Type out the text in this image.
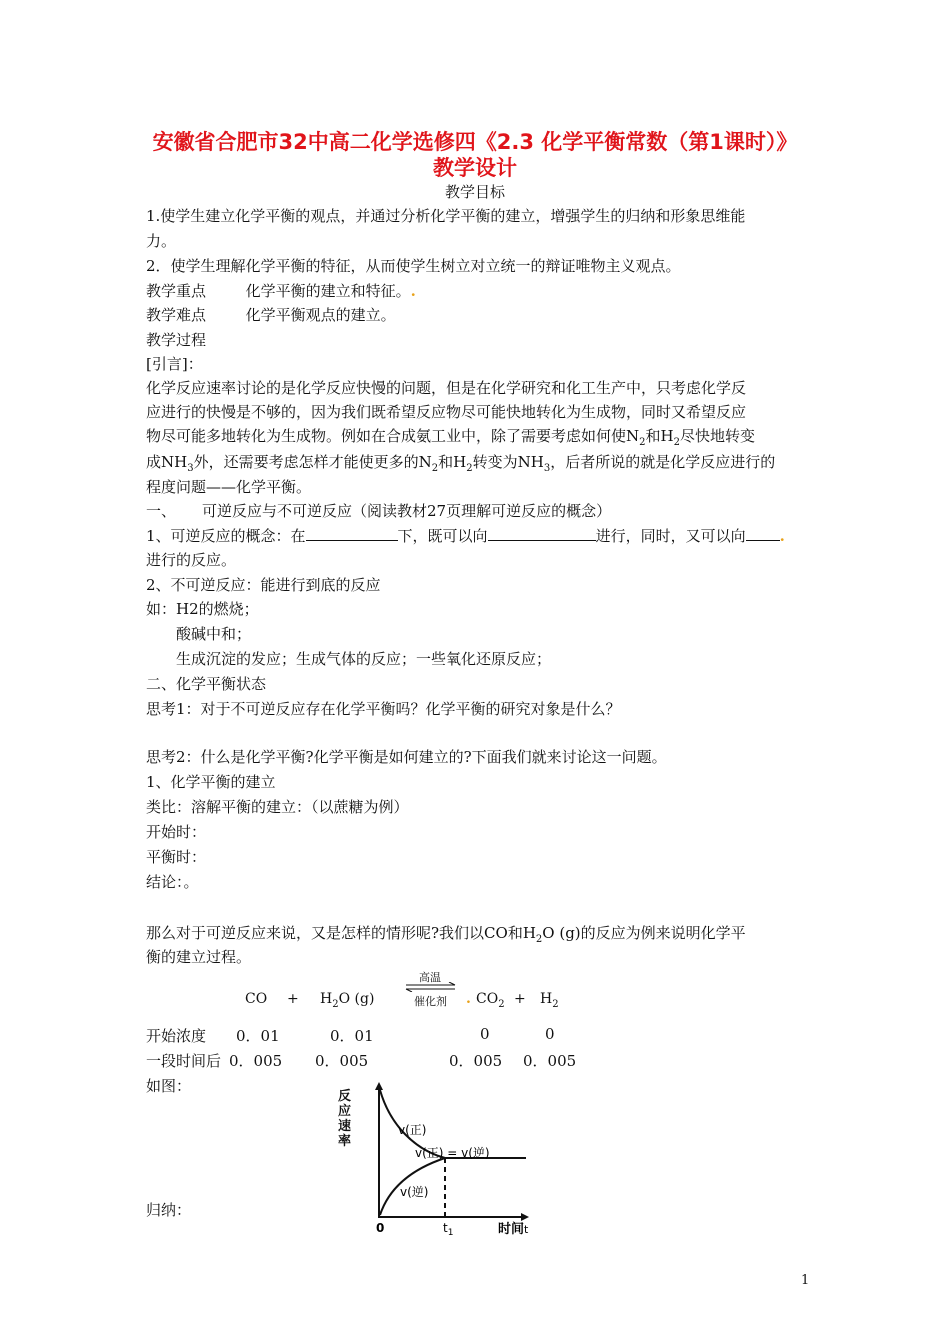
安徽省合肥市32中高二化学选修四《2.3 化学平衡常数（第1课时）》
教学设计
教学目标
1.使学生建立化学平衡的观点，并通过分析化学平衡的建立，增强学生的归纳和形象思维能
力。
2．使学生理解化学平衡的特征，从而使学生树立对立统一的辩证唯物主义观点。
教学重点	化学平衡的建立和特征。.
教学难点	化学平衡观点的建立。
教学过程
[引言]：
化学反应速率讨论的是化学反应快慢的问题，但是在化学研究和化工生产中，只考虑化学反
应进行的快慢是不够的，因为我们既希望反应物尽可能快地转化为生成物，同时又希望反应
物尽可能多地转化为生成物。例如在合成氨工业中，除了需要考虑如何使$N_2$和$H_2$尽快地转变
成$NH_3$外，还需要考虑怎样才能使更多的$N_2$和$H_2$转变为$NH_3$，后者所说的就是化学反应进行的
程度问题——化学平衡。
一、 可逆反应与不可逆反应（阅读教材27页理解可逆反应的概念）
1、可逆反应的概念：在	下，既可以向	进行，同时，又可以向 .
进行的反应。
2、不可逆反应：能进行到底的反应
如：H2的燃烧；
酸碱中和；
生成沉淀的发应；生成气体的反应；一些氧化还原反应；
二、化学平衡状态
思考1：对于不可逆反应存在化学平衡吗？化学平衡的研究对象是什么？
思考2：什么是化学平衡?化学平衡是如何建立的?下面我们就来讨论这一问题。
1、化学平衡的建立
类比：溶解平衡的建立：（以蔗糖为例）
开始时：
平衡时：
结论：。
那么对于可逆反应来说，又是怎样的情形呢?我们以CO和$H_2O$ (g)的反应为例来说明化学平
衡的建立过程。
CO + $H_2O$ (g)
高温
催化剂 . $CO_2 + H_2$
开始浓度 0．01	0．01	0	0
一段时间后 0．005 0．005	0．005 0．005
如图：
归纳：
反
应
速
率
v(正)
v(逆)
v(正) = v(逆)
0	$t_1$	时间t
1
